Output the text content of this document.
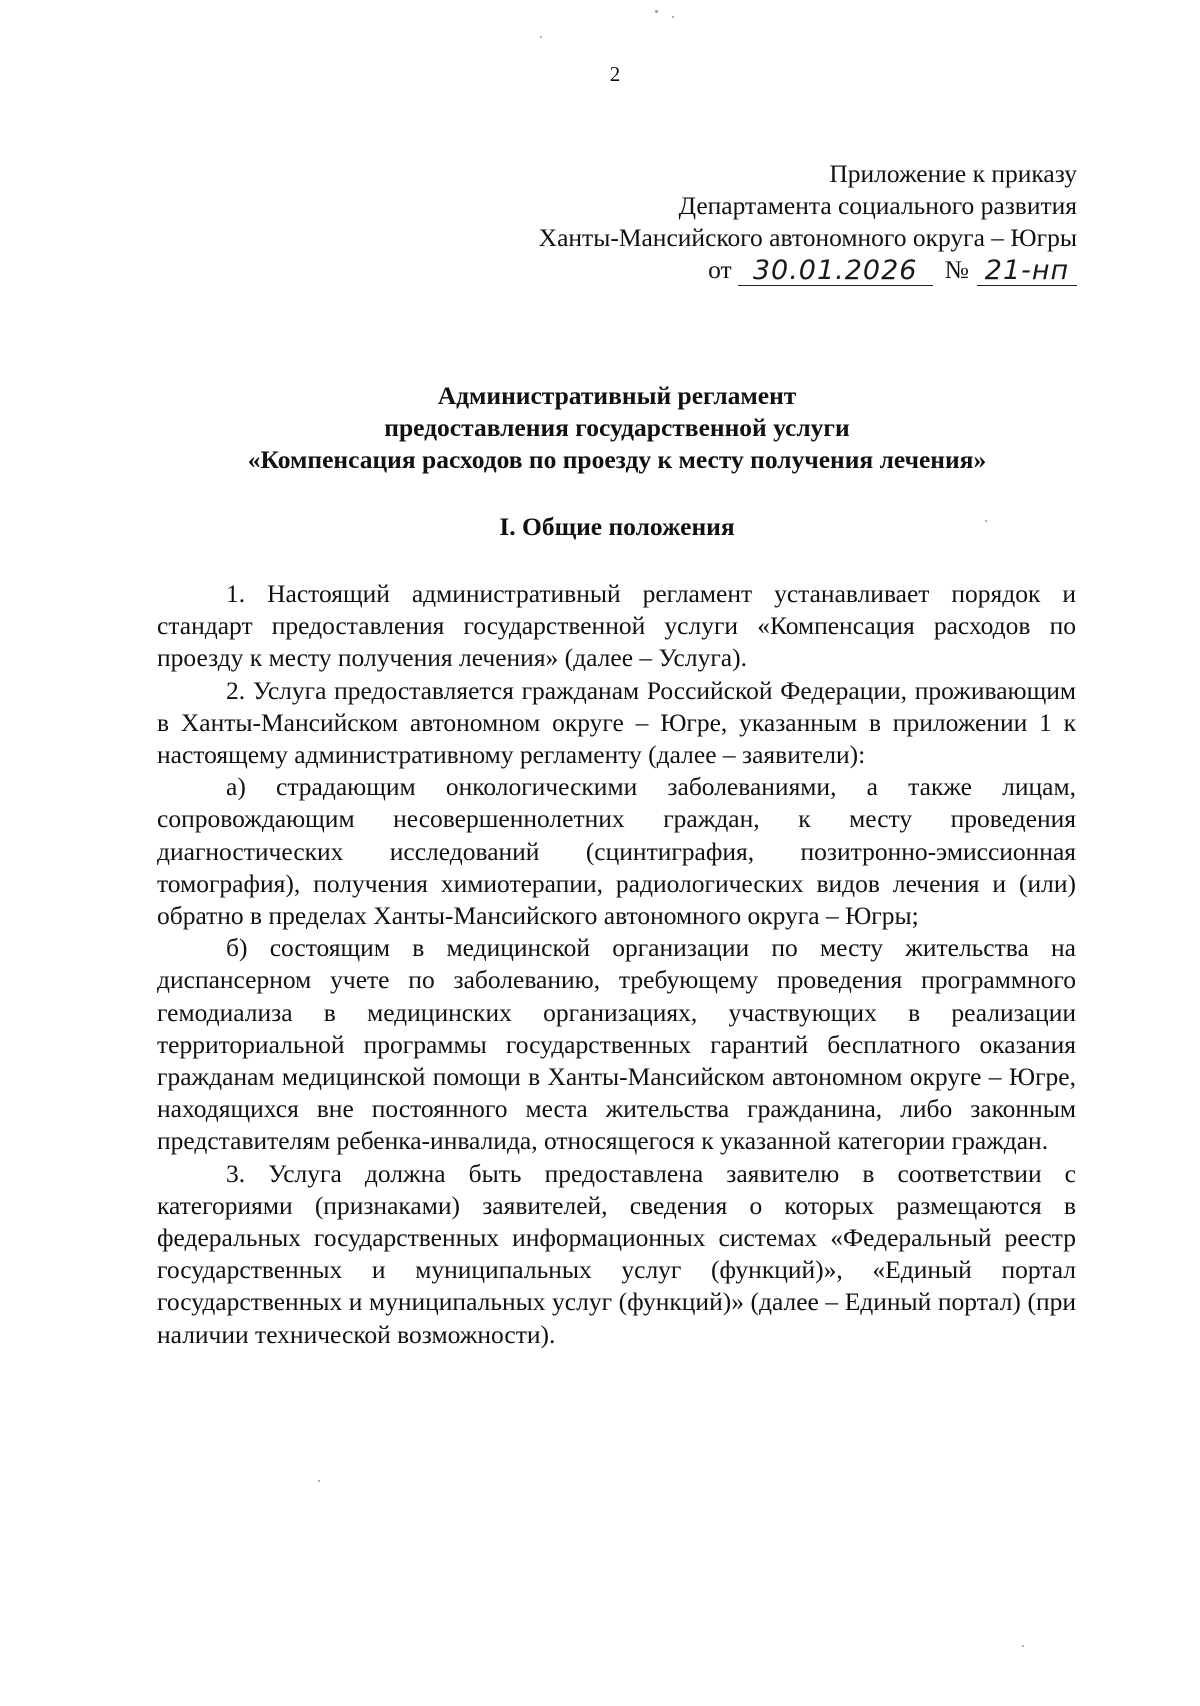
2
Приложение к приказу
Департамента социального развития
Ханты-Мансийского автономного округа – Югры
от 30.01.2026	№ 21-нп
Административный регламент
предоставления государственной услуги
«Компенсация расходов по проезду к месту получения лечения»
I. Общие положения

1. Настоящий административный регламент устанавливает порядок и стандарт предоставления государственной услуги «Компенсация расходов по проезду к месту получения лечения» (далее – Услуга).

2. Услуга предоставляется гражданам Российской Федерации, проживающим в Ханты-Мансийском автономном округе – Югре, указанным в приложении 1 к настоящему административному регламенту (далее – заявители):

а) страдающим онкологическими заболеваниями, а также лицам, сопровождающим несовершеннолетних граждан, к месту проведения диагностических исследований (сцинтиграфия, позитронно-эмиссионная томография), получения химиотерапии, радиологических видов лечения и (или) обратно в пределах Ханты-Мансийского автономного округа – Югры;

б) состоящим в медицинской организации по месту жительства на диспансерном учете по заболеванию, требующему проведения программного гемодиализа в медицинских организациях, участвующих в реализации территориальной программы государственных гарантий бесплатного оказания гражданам медицинской помощи в Ханты-Мансийском автономном округе – Югре, находящихся вне постоянного места жительства гражданина, либо законным представителям ребенка-инвалида, относящегося к указанной категории граждан.

3. Услуга должна быть предоставлена заявителю в соответствии с категориями (признаками) заявителей, сведения о которых размещаются в федеральных государственных информационных системах «Федеральный реестр государственных и муниципальных услуг (функций)», «Единый портал государственных и муниципальных услуг (функций)» (далее – Единый портал) (при наличии технической возможности).
